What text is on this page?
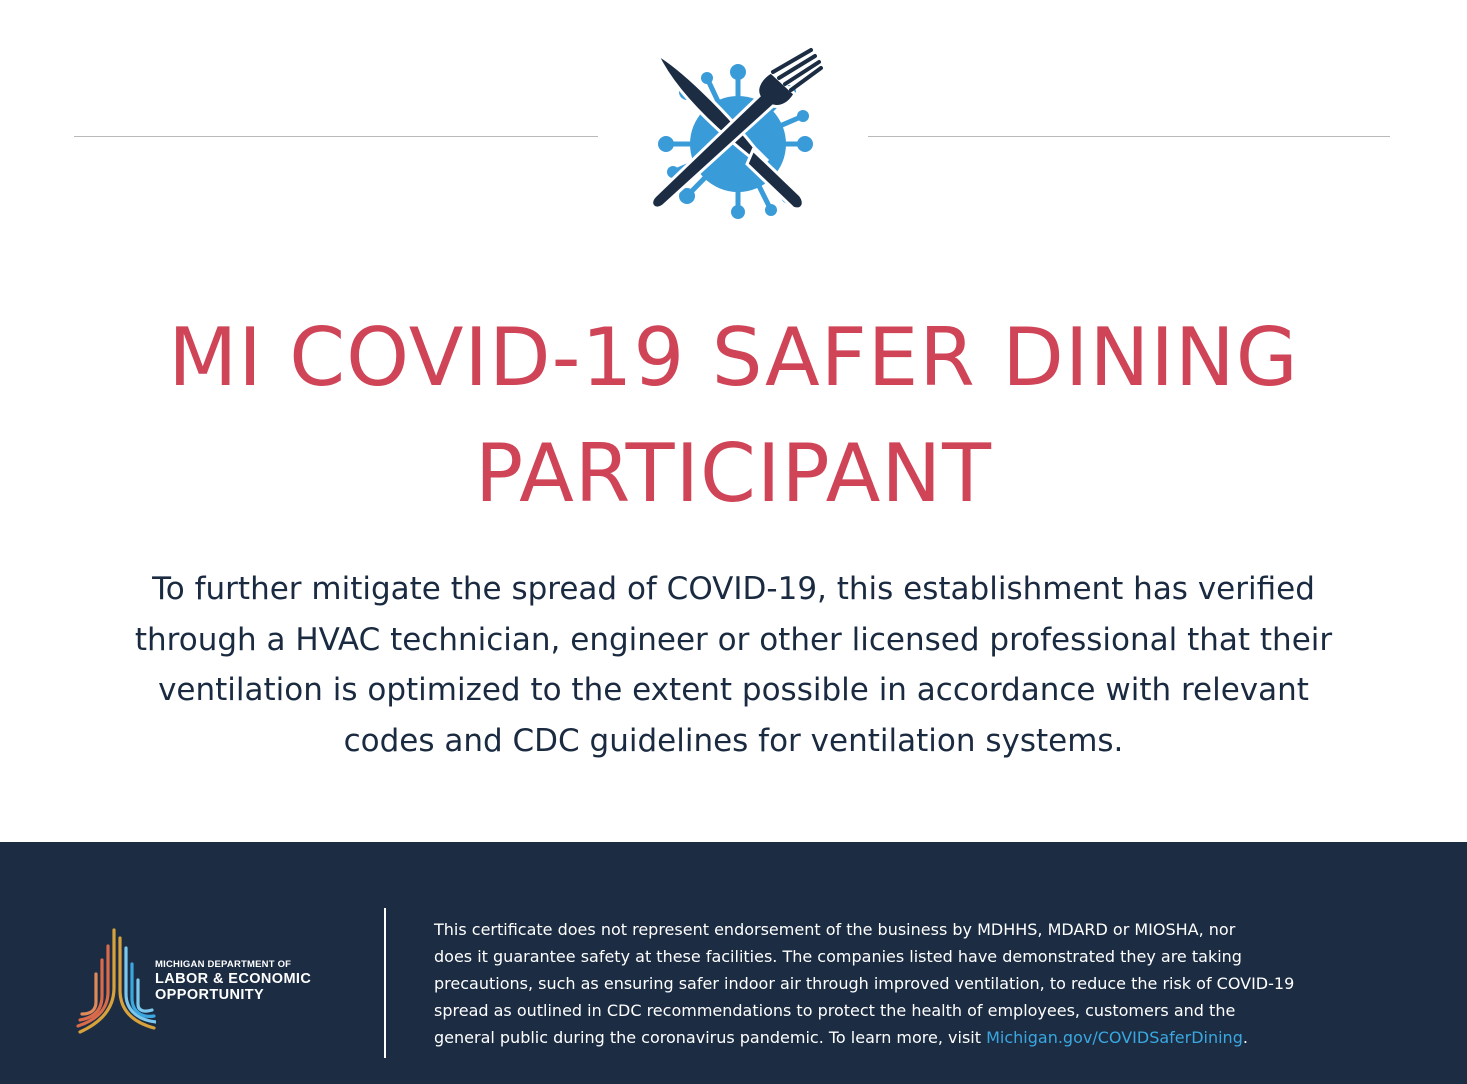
MI COVID-19 SAFER DINING
PARTICIPANT
To further mitigate the spread of COVID-19, this establishment has verified
through a HVAC technician, engineer or other licensed professional that their
ventilation is optimized to the extent possible in accordance with relevant
codes and CDC guidelines for ventilation systems.
MICHIGAN DEPARTMENT OF
LABOR & ECONOMIC
OPPORTUNITY
This certificate does not represent endorsement of the business by MDHHS, MDARD or MIOSHA, nor
does it guarantee safety at these facilities. The companies listed have demonstrated they are taking
precautions, such as ensuring safer indoor air through improved ventilation, to reduce the risk of COVID-19
spread as outlined in CDC recommendations to protect the health of employees, customers and the
general public during the coronavirus pandemic. To learn more, visit Michigan.gov/COVIDSaferDining.
